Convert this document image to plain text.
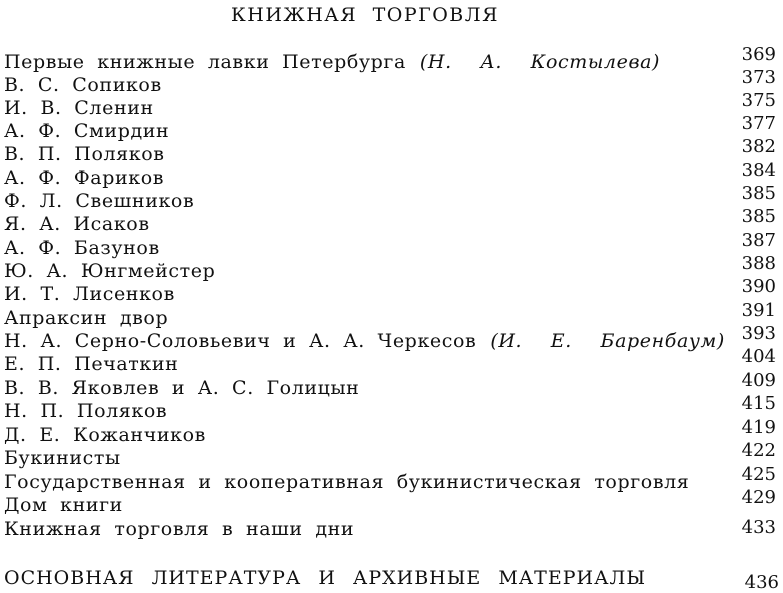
КНИЖНАЯ ТОРГОВЛЯ
Первые книжные лавки Петербурга (Н. А. Костылева)	369
В. С. Сопиков	373
И. В. Сленин	375
А. Ф. Смирдин	377
В. П. Поляков	382
А. Ф. Фариков	384
Ф. Л. Свешников	385
Я. А. Исаков	385
А. Ф. Базунов	387
Ю. А. Юнгмейстер	388
И. Т. Лисенков	390
Апраксин двор	391
Н. А. Серно-Соловьевич и А. А. Черкесов (И. Е. Баренбаум) 393
Е. П. Печаткин	404
В. В. Яковлев и А. С. Голицын	409
Н. П. Поляков	415
Д. Е. Кожанчиков	419
Букинисты	422
Государственная и кооперативная букинистическая торговля	425
Дом книги	429
Книжная торговля в наши дни	433
ОСНОВНАЯ ЛИТЕРАТУРА И АРХИВНЫЕ МАТЕРИАЛЫ	436
